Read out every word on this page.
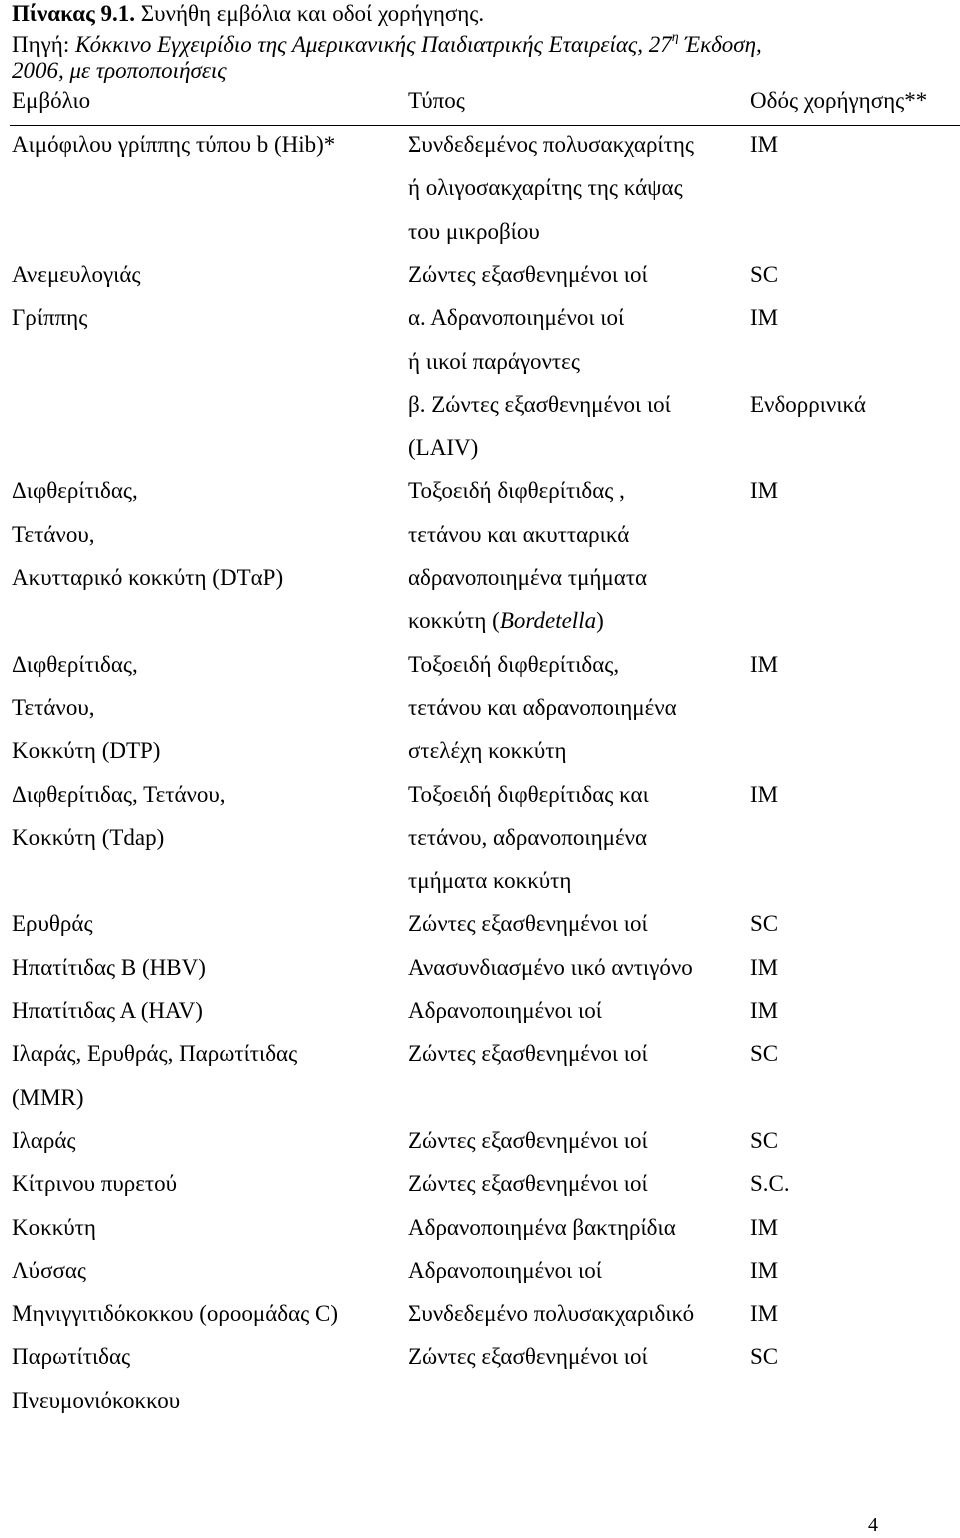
Πίνακας 9.1. Συνήθη εμβόλια και οδοί χορήγησης.
Πηγή: Κόκκινο Εγχειρίδιο της Αμερικανικής Παιδιατρικής Εταιρείας, $27^\eta$ Έκδοση,
2006, με τροποποιήσεις
Εμβόλιο	Τύπος	Οδός χορήγησης**
Αιμόφιλου γρίππης τύπου b (Hib)*	Συνδεδεμένος πολυσακχαρίτης ΙΜ
ή ολιγοσακχαρίτης της κάψας
του μικροβίου
Ανεμευλογιάς	Ζώντες εξασθενημένοι ιοί	SC
Γρίππης	α. Αδρανοποιημένοι ιοί	ΙΜ
ή ιικοί παράγοντες
β. Ζώντες εξασθενημένοι ιοί	Ενδορρινικά
(LAIV)
Διφθερίτιδας,	Τοξοειδή διφθερίτιδας ,	ΙΜ
Τετάνου,	τετάνου και ακυτταρικά
Ακυτταρικό κοκκύτη (DTαP)	αδρανοποιημένα τμήματα
κοκκύτη (Bordetella)
Διφθερίτιδας,	Τοξοειδή διφθερίτιδας,	ΙΜ
Τετάνου,	τετάνου και αδρανοποιημένα
Κοκκύτη (DTP)	στελέχη κοκκύτη
Διφθερίτιδας, Τετάνου,	Τοξοειδή διφθερίτιδας και	ΙΜ
Κοκκύτη (Tdap)	τετάνου, αδρανοποιημένα
τμήματα κοκκύτη
Ερυθράς	Ζώντες εξασθενημένοι ιοί	SC
Ηπατίτιδας Β (HBV)	Ανασυνδιασμένο ιικό αντιγόνο IM
Ηπατίτιδας Α (HAV)	Αδρανοποιημένοι ιοί	IM
Ιλαράς, Ερυθράς, Παρωτίτιδας	Ζώντες εξασθενημένοι ιοί	SC
(MMR)
Ιλαράς	Ζώντες εξασθενημένοι ιοί	SC
Κίτρινου πυρετού	Ζώντες εξασθενημένοι ιοί	S.C.
Κοκκύτη	Αδρανοποιημένα βακτηρίδια	IM
Λύσσας	Αδρανοποιημένοι ιοί	IM
Μηνιγγιτιδόκοκκου (οροομάδας C)	Συνδεδεμένο πολυσακχαριδικό IM
Παρωτίτιδας	Ζώντες εξασθενημένοι ιοί	SC
Πνευμονιόκοκκου
4
